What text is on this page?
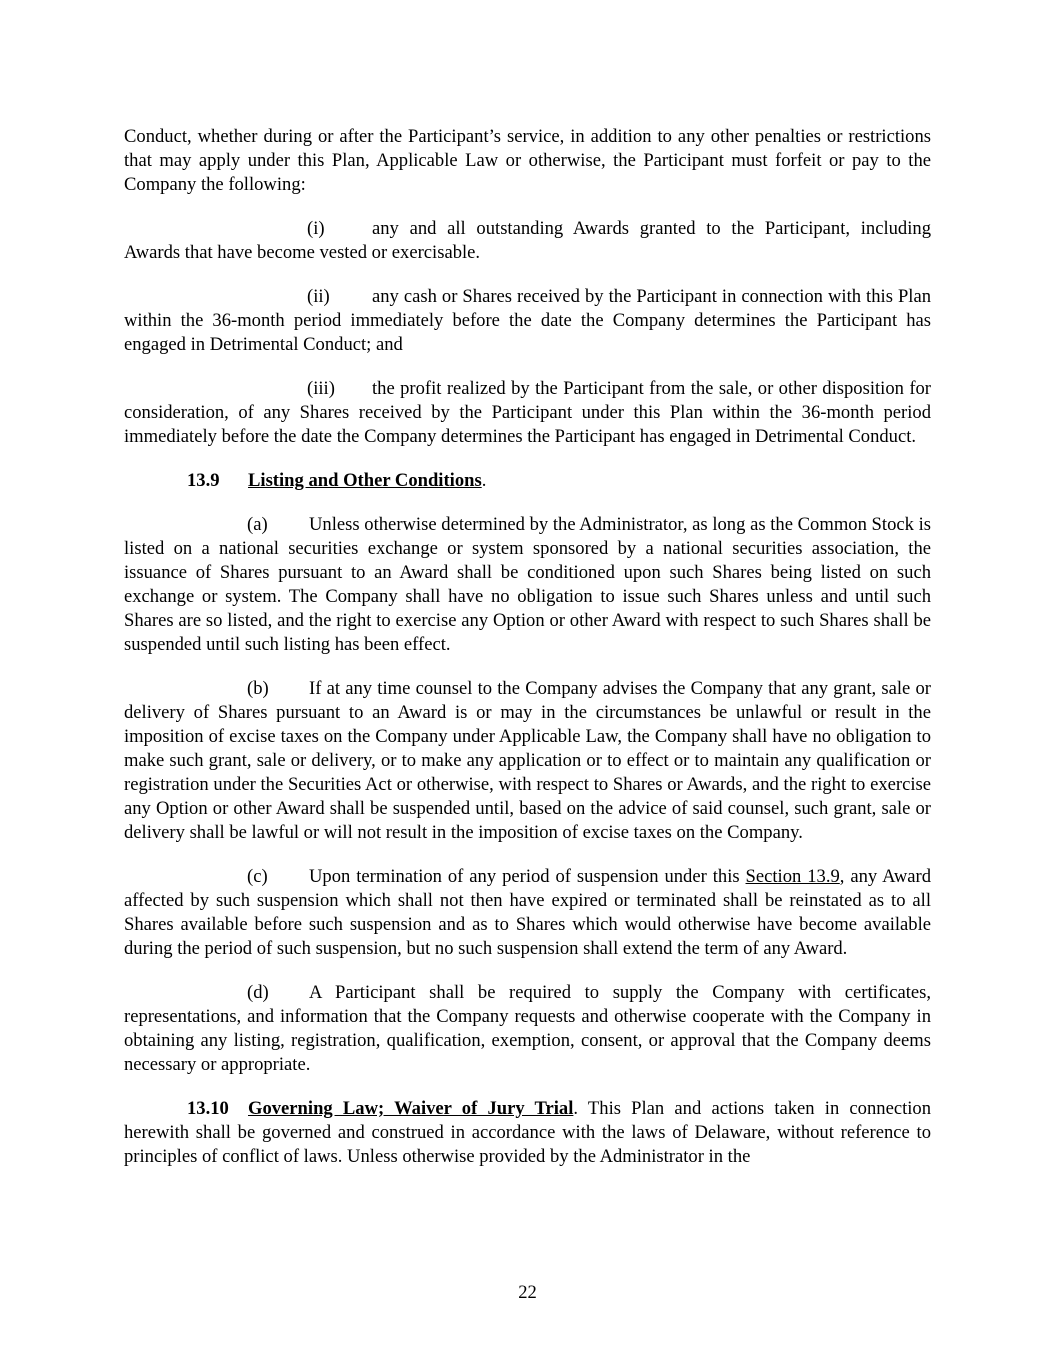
Conduct, whether during or after the Participant’s service, in addition to any other penalties or restrictions that may apply under this Plan, Applicable Law or otherwise, the Participant must forfeit or pay to the Company the following:

(i)	any and all outstanding Awards granted to the Participant, including Awards that have become vested or exercisable.

(ii) any cash or Shares received by the Participant in connection with this Plan within the 36-month period immediately before the date the Company determines the Participant has engaged in Detrimental Conduct; and

(iii) the profit realized by the Participant from the sale, or other disposition for consideration, of any Shares received by the Participant under this Plan within the 36-month period immediately before the date the Company determines the Participant has engaged in Detrimental Conduct.

13.9 Listing and Other Conditions.

(a) Unless otherwise determined by the Administrator, as long as the Common Stock is listed on a national securities exchange or system sponsored by a national securities association, the issuance of Shares pursuant to an Award shall be conditioned upon such Shares being listed on such exchange or system. The Company shall have no obligation to issue such Shares unless and until such Shares are so listed, and the right to exercise any Option or other Award with respect to such Shares shall be suspended until such listing has been effect.

(b) If at any time counsel to the Company advises the Company that any grant, sale or delivery of Shares pursuant to an Award is or may in the circumstances be unlawful or result in the imposition of excise taxes on the Company under Applicable Law, the Company shall have no obligation to make such grant, sale or delivery, or to make any application or to effect or to maintain any qualification or registration under the Securities Act or otherwise, with respect to Shares or Awards, and the right to exercise any Option or other Award shall be suspended until, based on the advice of said counsel, such grant, sale or delivery shall be lawful or will not result in the imposition of excise taxes on the Company.

(c) Upon termination of any period of suspension under this Section 13.9, any Award affected by such suspension which shall not then have expired or terminated shall be reinstated as to all Shares available before such suspension and as to Shares which would otherwise have become available during the period of such suspension, but no such suspension shall extend the term of any Award.

(d) A Participant shall be required to supply the Company with certificates, representations, and information that the Company requests and otherwise cooperate with the Company in obtaining any listing, registration, qualification, exemption, consent, or approval that the Company deems necessary or appropriate.

13.10 Governing Law; Waiver of Jury Trial. This Plan and actions taken in connection herewith shall be governed and construed in accordance with the laws of Delaware, without reference to principles of conflict of laws. Unless otherwise provided by the Administrator in the

22
